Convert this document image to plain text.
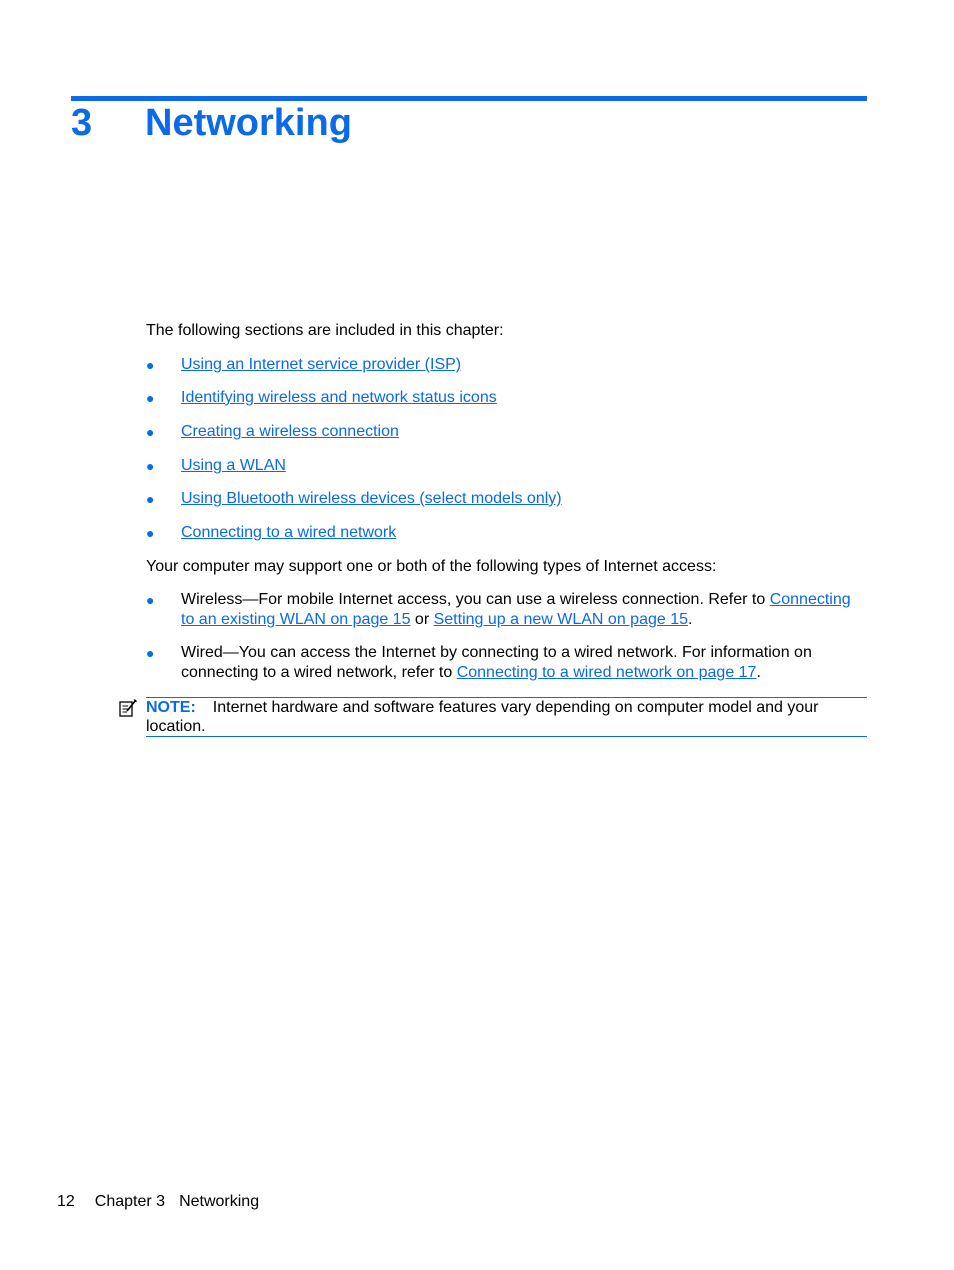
3 Networking
The following sections are included in this chapter:
● Using an Internet service provider (ISP)
● Identifying wireless and network status icons
● Creating a wireless connection
● Using a WLAN
● Using Bluetooth wireless devices (select models only)
● Connecting to a wired network
Your computer may support one or both of the following types of Internet access:
● Wireless—For mobile Internet access, you can use a wireless connection. Refer to Connecting to an existing WLAN on page 15 or Setting up a new WLAN on page 15.
● Wired—You can access the Internet by connecting to a wired network. For information on connecting to a wired network, refer to Connecting to a wired network on page 17.
NOTE: Internet hardware and software features vary depending on computer model and your location.
12 Chapter 3 Networking
